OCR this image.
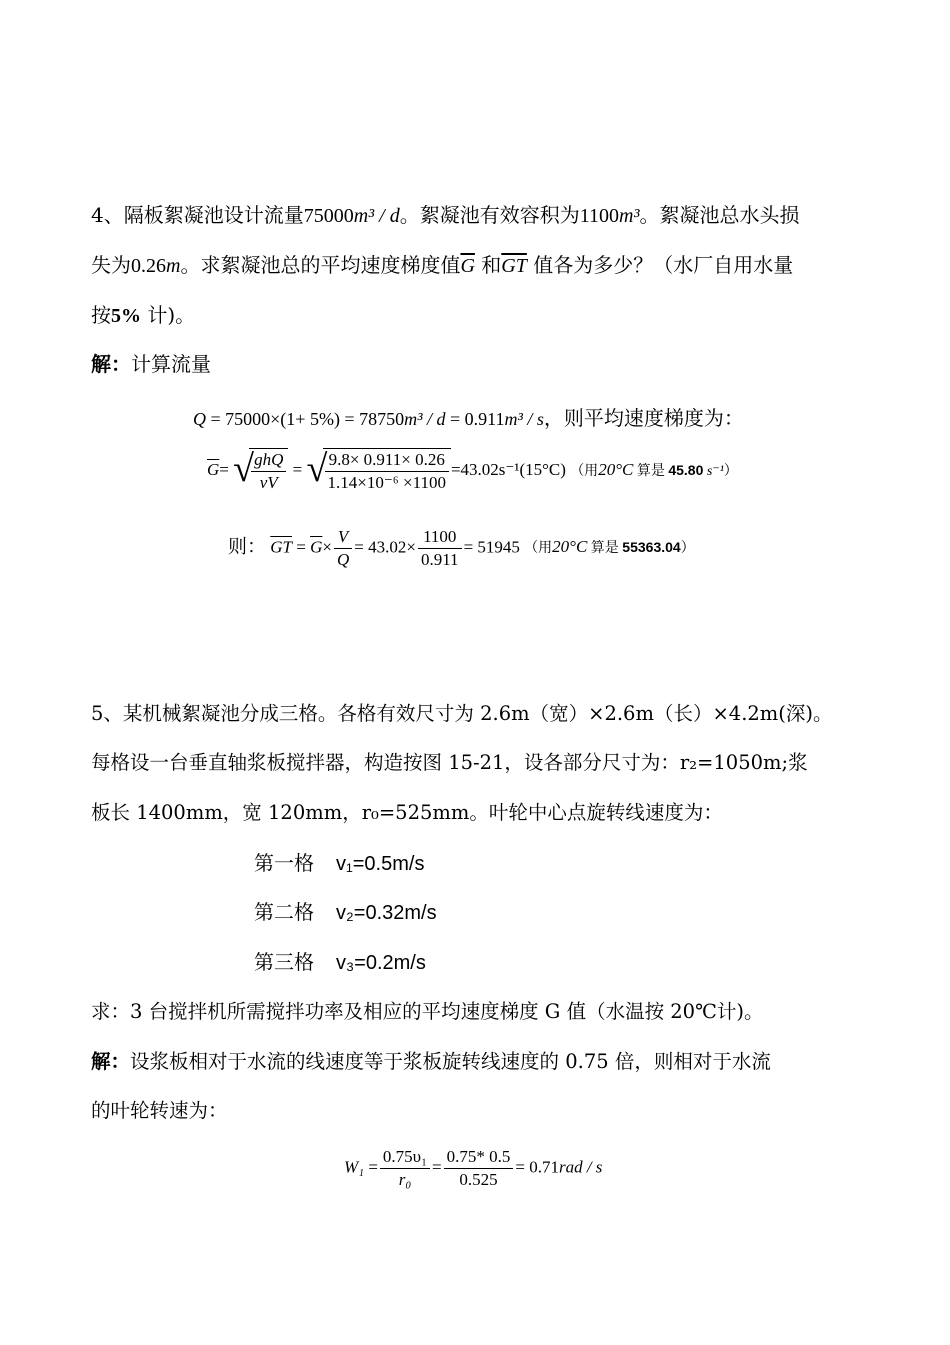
4、隔板絮凝池设计流量75000m³ / d。絮凝池有效容积为1100m³。絮凝池总水头损
失为0.26m。求絮凝池总的平均速度梯度值$\overline{G}$ 和$\overline{GT}$ 值各为多少？（水厂自用水量
按5% 计)。
解：计算流量
Q = 75000×(1+ 5%) = 78750m³ / d = 0.911m³ / s，则平均速度梯度为：
$\overline{G}=$ √
$\frac{\text{ghQ}}{\nu V}$ = √
$\frac{9.8\times 0.911\times 0.26}{\text{1.14×10⁻⁶ ×1100}} =43.02s^{-1}(15^\circ C)$ （用20°C 算是 45.80 s⁻¹）
则： $\overline{GT} = \overline{G}\times \frac{V}{Q} = 43.02\times \frac{1100}{0.911} = 51945$ （用20°C 算是 55363.04）
5、某机械絮凝池分成三格。各格有效尺寸为 2.6m（宽）×2.6m（长）×4.2m(深)。
每格设一台垂直轴浆板搅拌器，构造按图 15-21，设各部分尺寸为：r₂=1050m;浆
板长 1400mm，宽 120mm，r₀=525mm。叶轮中心点旋转线速度为：
第一格 v₁=0.5m/s
第二格 v₂=0.32m/s
第三格 v₃=0.2m/s
求：3 台搅拌机所需搅拌功率及相应的平均速度梯度 G 值（水温按 20℃计)。
解：设浆板相对于水流的线速度等于浆板旋转线速度的 0.75 倍，则相对于水流
的叶轮转速为：
$W_1 = \frac{\text{0.75υ₁}}{\text{r₀}} = \frac{0.75* 0.5}{0.525} = 0.71rad / s$
